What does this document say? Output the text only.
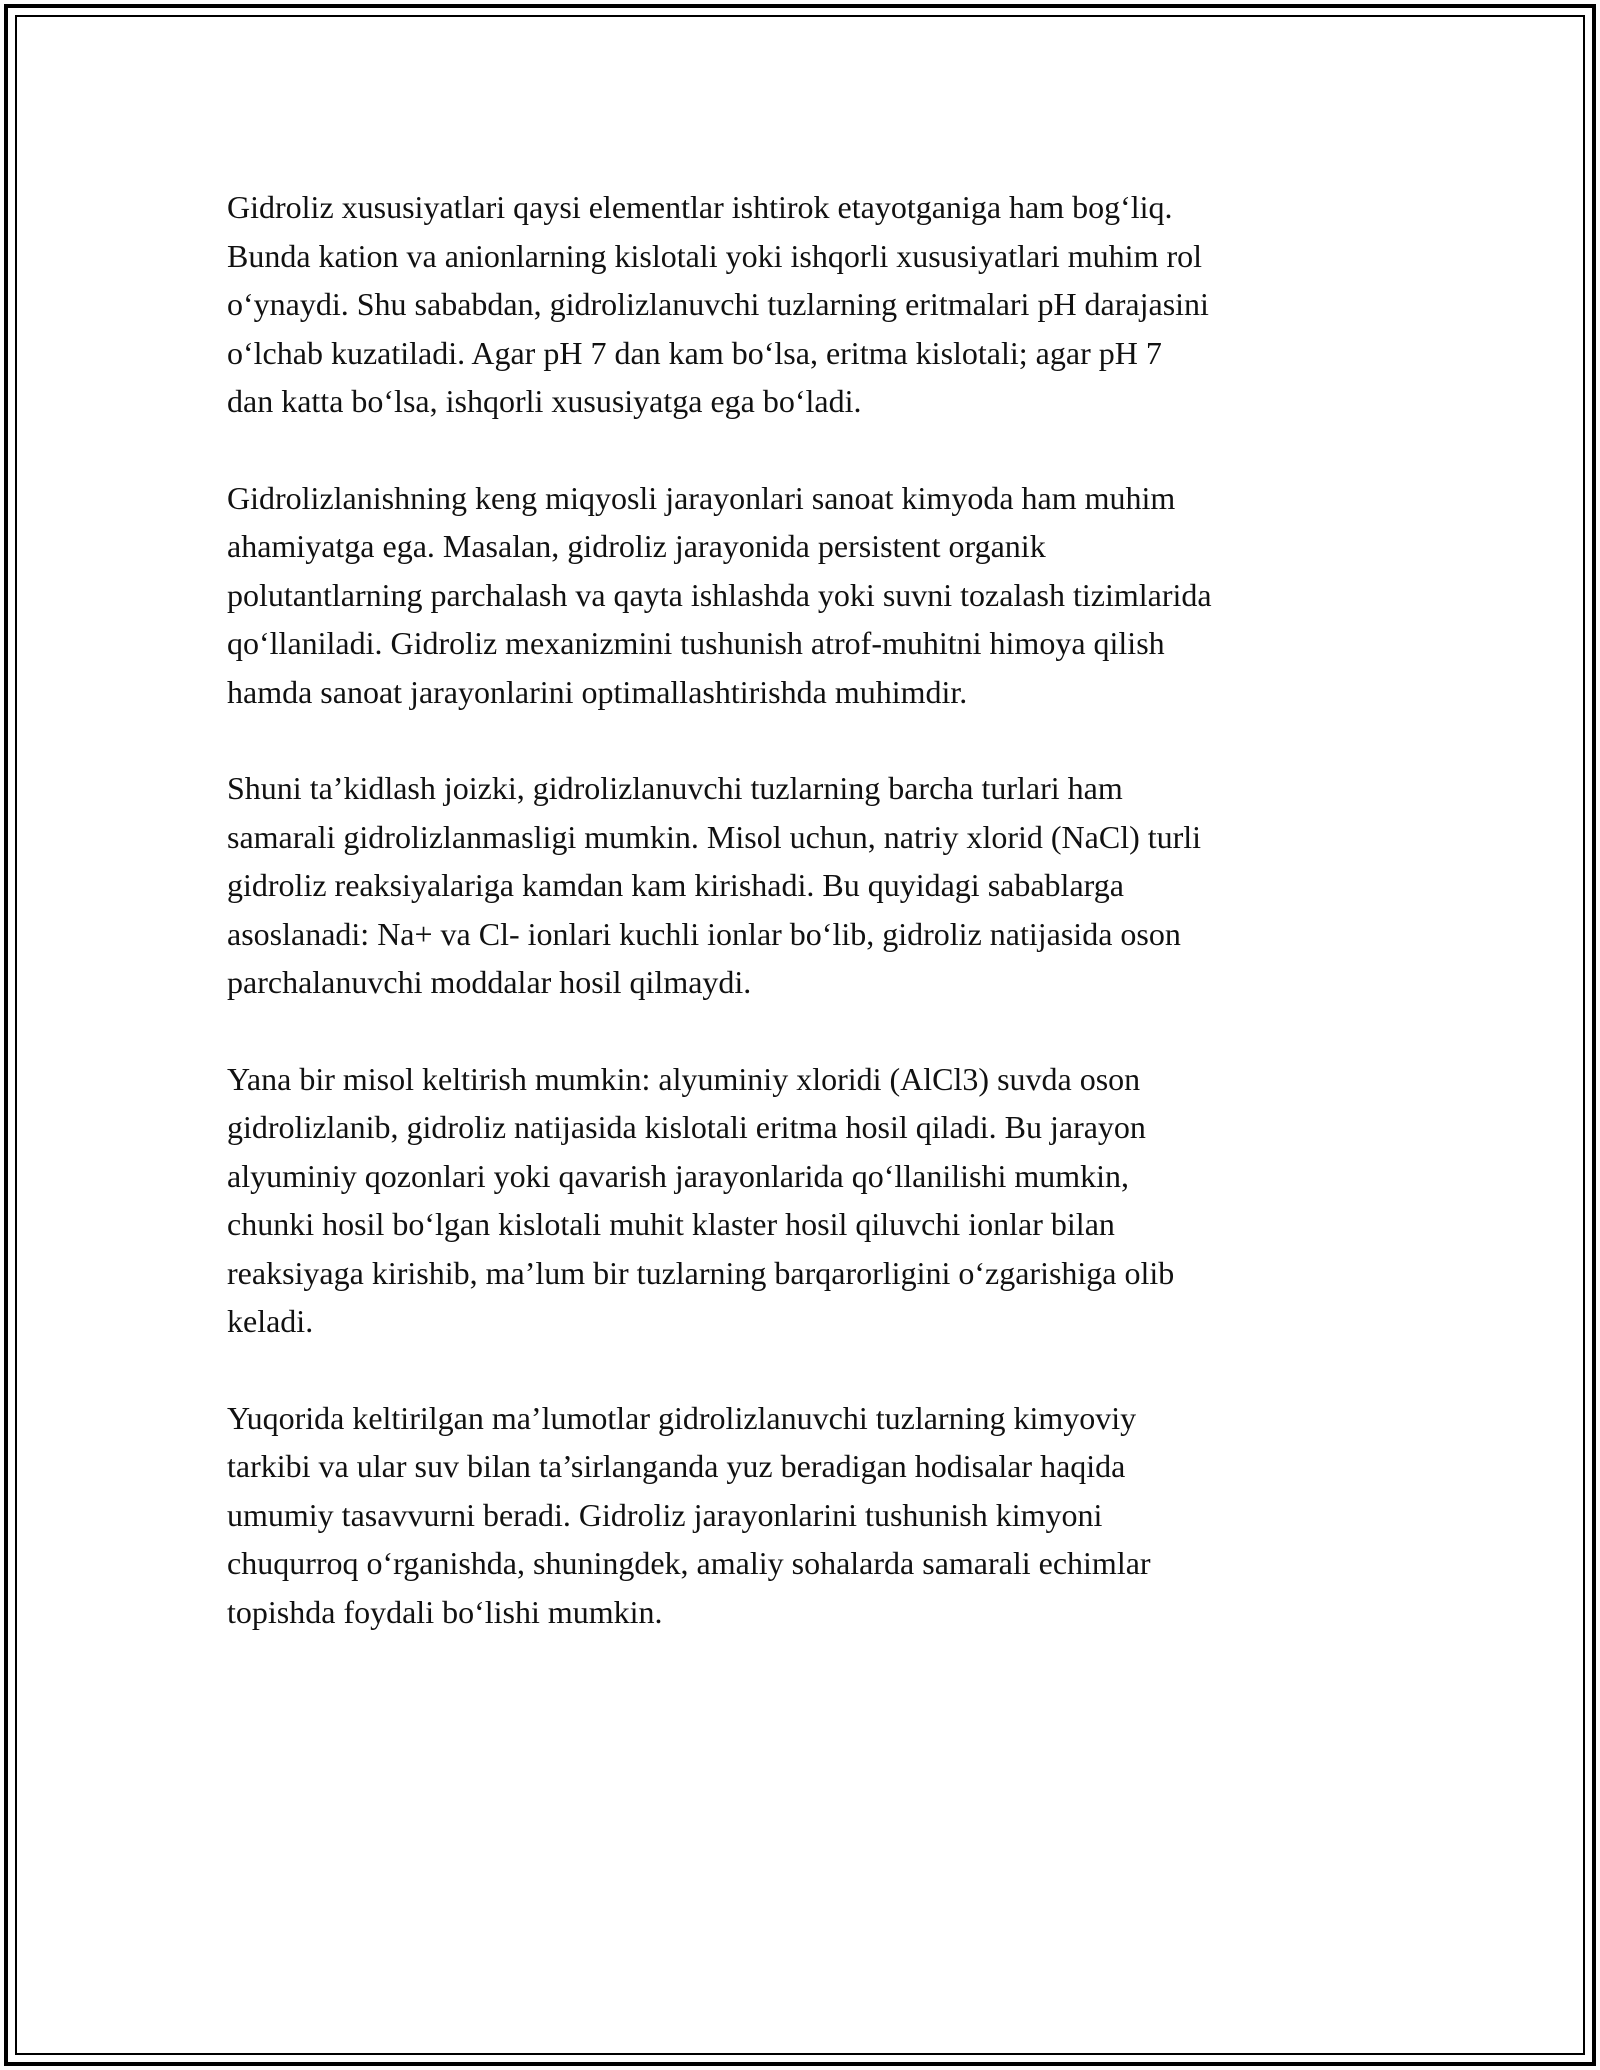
Gidroliz xususiyatlari qaysi elementlar ishtirok etayotganiga ham bog‘liq.
Bunda kation va anionlarning kislotali yoki ishqorli xususiyatlari muhim rol
o‘ynaydi. Shu sababdan, gidrolizlanuvchi tuzlarning eritmalari pH darajasini
o‘lchab kuzatiladi. Agar pH 7 dan kam bo‘lsa, eritma kislotali; agar pH 7
dan katta bo‘lsa, ishqorli xususiyatga ega bo‘ladi.

Gidrolizlanishning keng miqyosli jarayonlari sanoat kimyoda ham muhim
ahamiyatga ega. Masalan, gidroliz jarayonida persistent organik
polutantlarning parchalash va qayta ishlashda yoki suvni tozalash tizimlarida
qo‘llaniladi. Gidroliz mexanizmini tushunish atrof-muhitni himoya qilish
hamda sanoat jarayonlarini optimallashtirishda muhimdir.

Shuni ta’kidlash joizki, gidrolizlanuvchi tuzlarning barcha turlari ham
samarali gidrolizlanmasligi mumkin. Misol uchun, natriy xlorid (NaCl) turli
gidroliz reaksiyalariga kamdan kam kirishadi. Bu quyidagi sabablarga
asoslanadi: Na+ va Cl- ionlari kuchli ionlar bo‘lib, gidroliz natijasida oson
parchalanuvchi moddalar hosil qilmaydi.

Yana bir misol keltirish mumkin: alyuminiy xloridi (AlCl3) suvda oson
gidrolizlanib, gidroliz natijasida kislotali eritma hosil qiladi. Bu jarayon
alyuminiy qozonlari yoki qavarish jarayonlarida qo‘llanilishi mumkin,
chunki hosil bo‘lgan kislotali muhit klaster hosil qiluvchi ionlar bilan
reaksiyaga kirishib, ma’lum bir tuzlarning barqarorligini o‘zgarishiga olib
keladi.

Yuqorida keltirilgan ma’lumotlar gidrolizlanuvchi tuzlarning kimyoviy
tarkibi va ular suv bilan ta’sirlanganda yuz beradigan hodisalar haqida
umumiy tasavvurni beradi. Gidroliz jarayonlarini tushunish kimyoni
chuqurroq o‘rganishda, shuningdek, amaliy sohalarda samarali echimlar
topishda foydali bo‘lishi mumkin.
